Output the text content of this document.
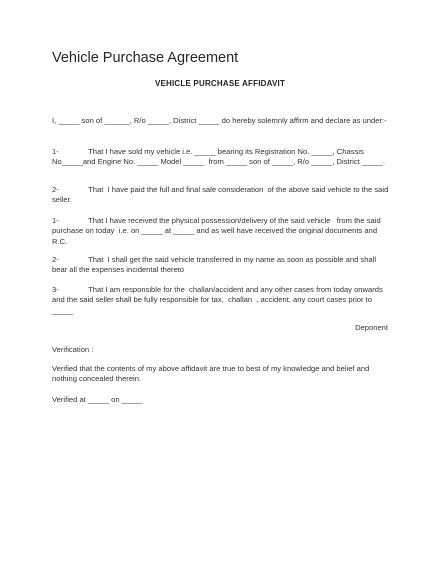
Vehicle Purchase Agreement
VEHICLE PURCHASE AFFIDAVIT

I, _____ son of ______, R/o _____, District _____ do hereby solemnly affirm and declare as under:-

1-              That I have sold my vehicle i.e. _____ bearing its Registration No. _____, Chassis No_____and Engine No. _____ Model _____  from _____ son of _____, R/o _____, District _____.

2-              That  I have paid the full and final sale consideration  of the above said vehicle to the said seller.

1-              That I have received the physical possession/delivery of the said vehicle   from the said purchase on today  i.e. on _____ at _____ and as well have received the original documents and R.C.

2-              That  I shall get the said vehicle transferred in my name as soon as possible and shall bear all the expenses incidental thereto

3-              That I am responsible for the  challan/accident and any other cases from today onwards and the said seller shall be fully responsible for tax,  challan  , accident, any court cases prior to _____

Deponent

Verification :

Verified that the contents of my above affidavit are true to best of my knowledge and belief and nothing concealed therein.

Verified at _____ on _____
